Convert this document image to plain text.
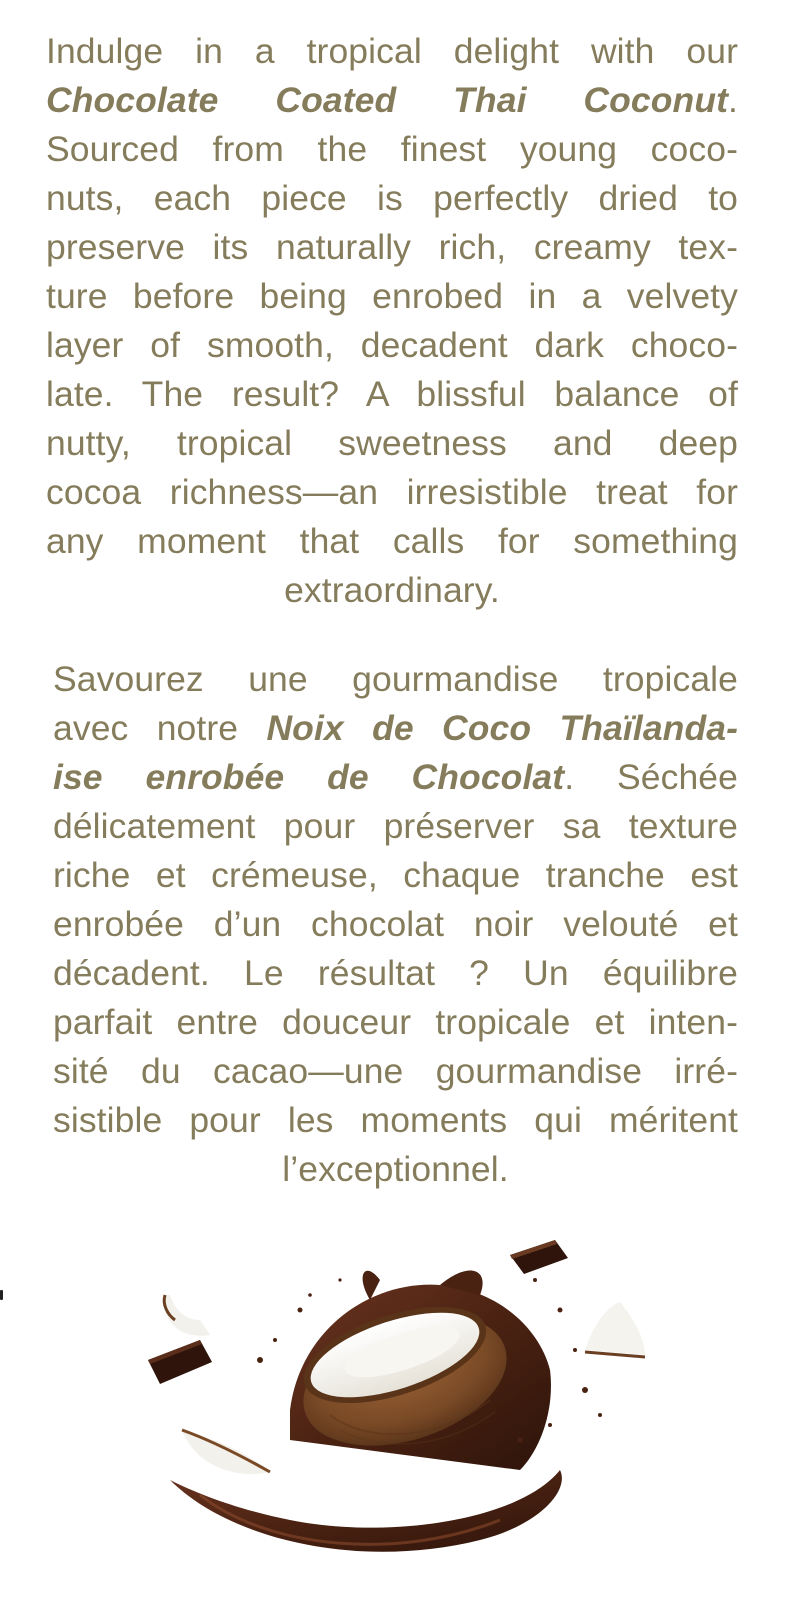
Indulge in a tropical delight with our
Chocolate Coated Thai Coconut.
Sourced from the finest young coco-
nuts, each piece is perfectly dried to
preserve its naturally rich, creamy tex-
ture before being enrobed in a velvety
layer of smooth, decadent dark choco-
late. The result? A blissful balance of
nutty, tropical sweetness and deep
cocoa richness—an irresistible treat for
any moment that calls for something
extraordinary.
Savourez une gourmandise tropicale
avec notre Noix de Coco Thaïlanda-
ise enrobée de Chocolat. Séchée
délicatement pour préserver sa texture
riche et crémeuse, chaque tranche est
enrobée d’un chocolat noir velouté et
décadent. Le résultat ? Un équilibre
parfait entre douceur tropicale et inten-
sité du cacao—une gourmandise irré-
sistible pour les moments qui méritent
l’exceptionnel.
